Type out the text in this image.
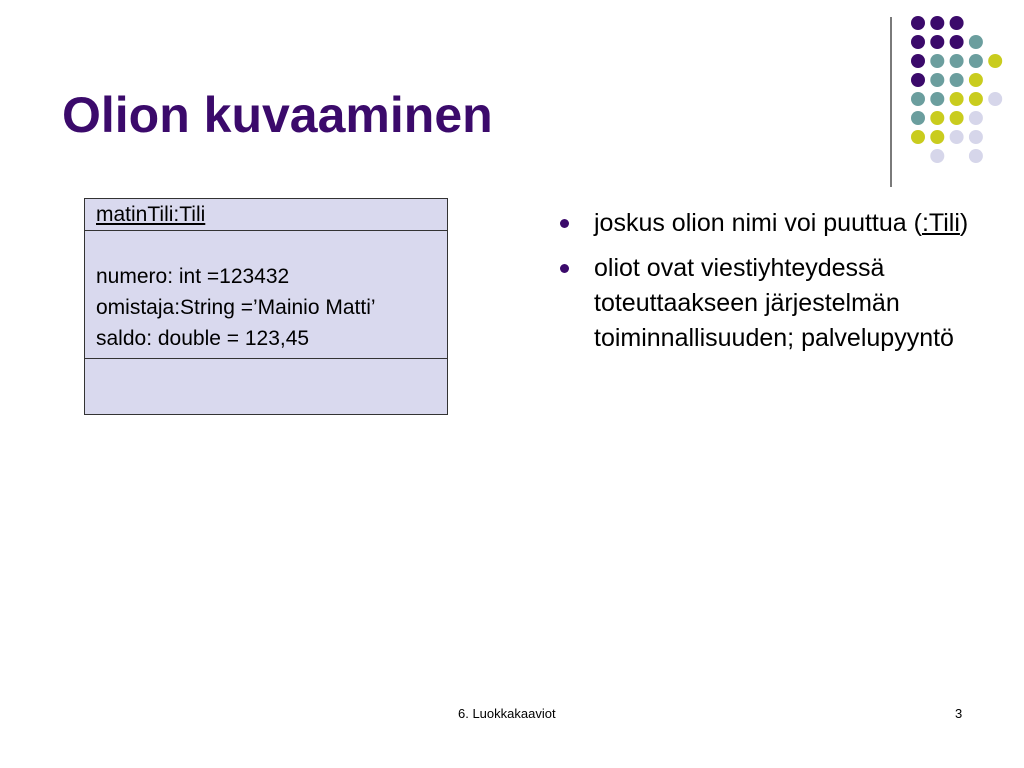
Olion kuvaaminen
matinTili:Tili
numero: int =123432
omistaja:String =’Mainio Matti’
saldo: double = 123,45
joskus olion nimi voi puuttua (:Tili)
oliot ovat viestiyhteydessä toteuttaakseen järjestelmän toiminnallisuuden; palvelupyyntö
6. Luokkakaaviot	3
